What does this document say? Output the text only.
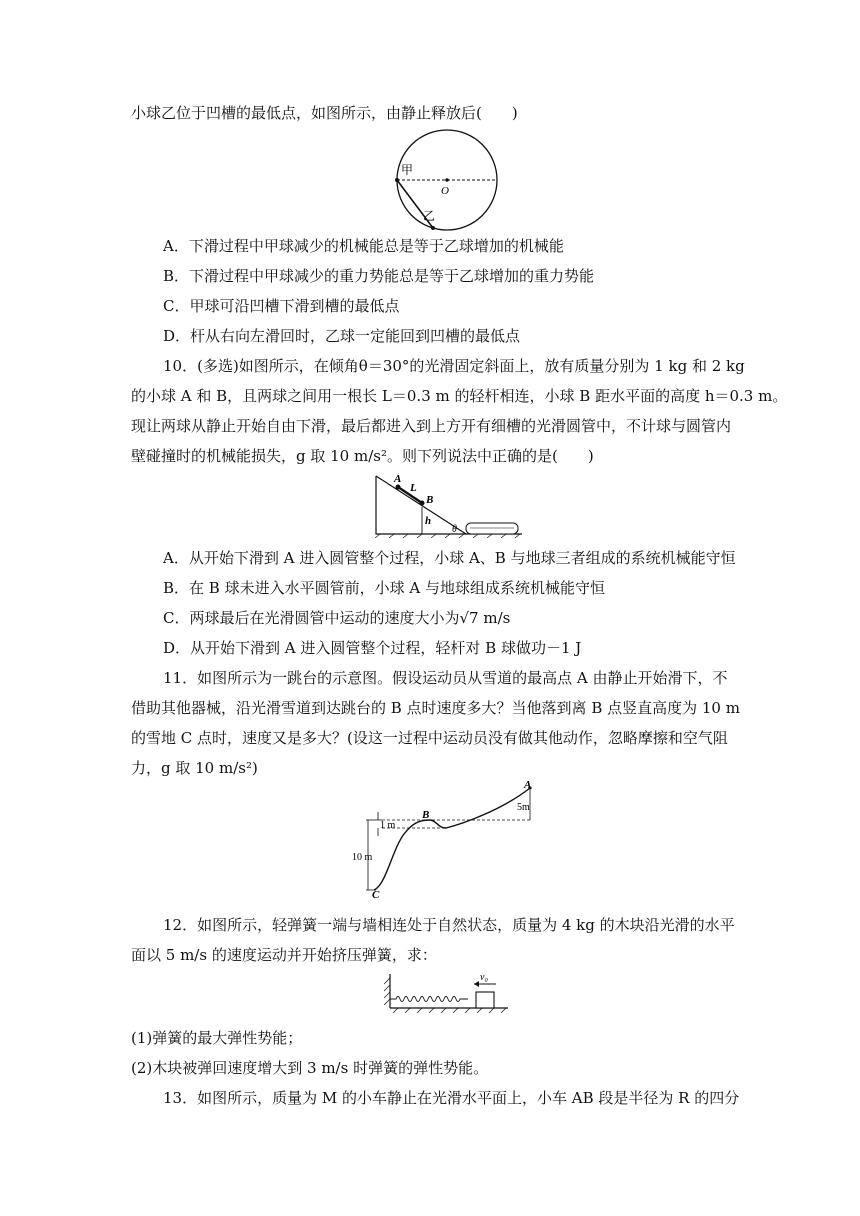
小球乙位于凹槽的最低点，如图所示，由静止释放后(　　)
甲
O
乙
A．下滑过程中甲球减少的机械能总是等于乙球增加的机械能
B．下滑过程中甲球减少的重力势能总是等于乙球增加的重力势能
C．甲球可沿凹槽下滑到槽的最低点
D．杆从右向左滑回时，乙球一定能回到凹槽的最低点
10．(多选)如图所示，在倾角θ＝30°的光滑固定斜面上，放有质量分别为 1 kg 和 2 kg
的小球 A 和 B，且两球之间用一根长 L＝0.3 m 的轻杆相连，小球 B 距水平面的高度 h＝0.3 m。
现让两球从静止开始自由下滑，最后都进入到上方开有细槽的光滑圆管中，不计球与圆管内
壁碰撞时的机械能损失，g 取 10 m/s²。则下列说法中正确的是(　　)
A
L
B
h
θ
A．从开始下滑到 A 进入圆管整个过程，小球 A、B 与地球三者组成的系统机械能守恒
B．在 B 球未进入水平圆管前，小球 A 与地球组成系统机械能守恒
C．两球最后在光滑圆管中运动的速度大小为√7 m/s
D．从开始下滑到 A 进入圆管整个过程，轻杆对 B 球做功－1 J
11．如图所示为一跳台的示意图。假设运动员从雪道的最高点 A 由静止开始滑下，不
借助其他器械，沿光滑雪道到达跳台的 B 点时速度多大？当他落到离 B 点竖直高度为 10 m
的雪地 C 点时，速度又是多大？(设这一过程中运动员没有做其他动作，忽略摩擦和空气阻
力，g 取 10 m/s²)
1 m
10 m
5m
A
B
C
12．如图所示，轻弹簧一端与墙相连处于自然状态，质量为 4 kg 的木块沿光滑的水平
面以 5 m/s 的速度运动并开始挤压弹簧，求：
v₀
(1)弹簧的最大弹性势能；
(2)木块被弹回速度增大到 3 m/s 时弹簧的弹性势能。
13．如图所示，质量为 M 的小车静止在光滑水平面上，小车 AB 段是半径为 R 的四分
